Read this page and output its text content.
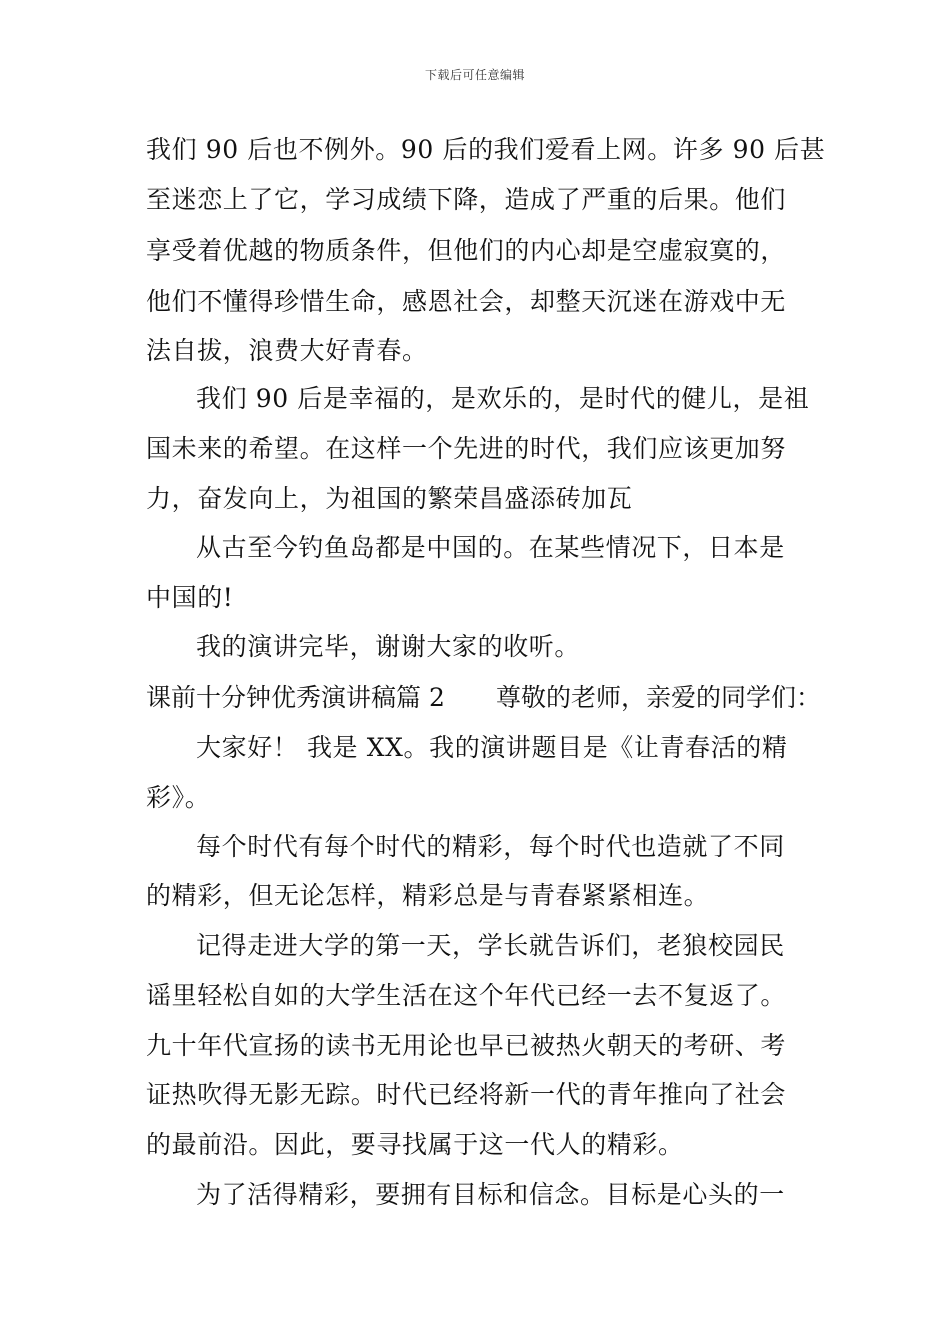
下载后可任意编辑
我们 90 后也不例外。90 后的我们爱看上网。许多 90 后甚
至迷恋上了它，学习成绩下降，造成了严重的后果。他们
享受着优越的物质条件，但他们的内心却是空虚寂寞的，
他们不懂得珍惜生命，感恩社会，却整天沉迷在游戏中无
法自拔，浪费大好青春。
我们 90 后是幸福的，是欢乐的，是时代的健儿，是祖
国未来的希望。在这样一个先进的时代，我们应该更加努
力，奋发向上，为祖国的繁荣昌盛添砖加瓦
从古至今钓鱼岛都是中国的。在某些情况下，日本是
中国的!
我的演讲完毕，谢谢大家的收听。
课前十分钟优秀演讲稿篇 2 尊敬的老师，亲爱的同学们：
大家好！ 我是 XX。我的演讲题目是《让青春活的精
彩》。
每个时代有每个时代的精彩，每个时代也造就了不同
的精彩，但无论怎样，精彩总是与青春紧紧相连。
记得走进大学的第一天，学长就告诉们，老狼校园民
谣里轻松自如的大学生活在这个年代已经一去不复返了。
九十年代宣扬的读书无用论也早已被热火朝天的考研、考
证热吹得无影无踪。时代已经将新一代的青年推向了社会
的最前沿。因此，要寻找属于这一代人的精彩。
为了活得精彩，要拥有目标和信念。目标是心头的一
